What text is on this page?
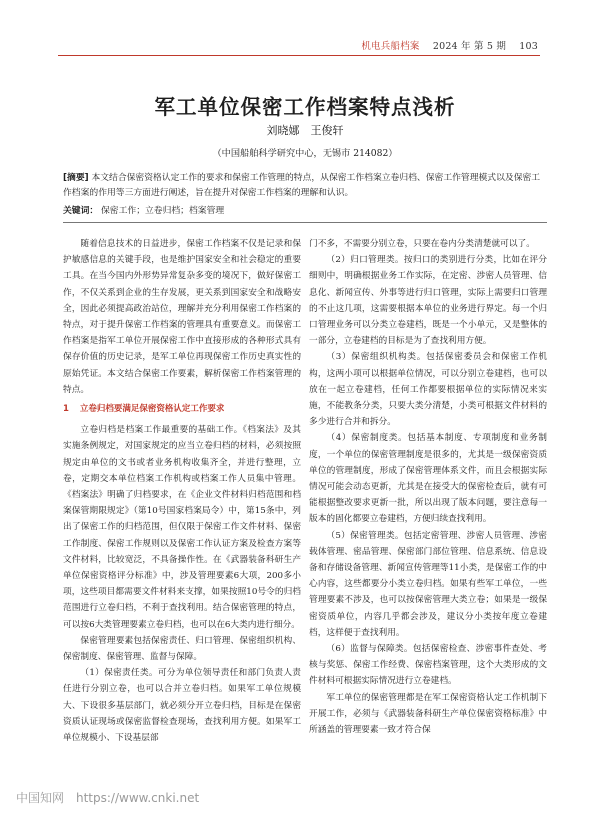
机电兵船档案 2024 年 第 5 期 103
军工单位保密工作档案特点浅析
刘晓娜　王俊轩
（中国船舶科学研究中心，无锡市 214082）
[摘要] 本文结合保密资格认定工作的要求和保密工作管理的特点，从保密工作档案立卷归档、保密工作管理模式以及保密工作档案的作用等三方面进行阐述，旨在提升对保密工作档案的理解和认识。
关键词： 保密工作；立卷归档；档案管理

随着信息技术的日益进步，保密工作档案不仅是记录和保护敏感信息的关键手段，也是维护国家安全和社会稳定的重要工具。在当今国内外形势异常复杂多变的境况下，做好保密工作，不仅关系到企业的生存发展，更关系到国家安全和战略安全，因此必须提高政治站位，理解并充分利用保密工作档案的特点，对于提升保密工作档案的管理具有重要意义。而保密工作档案是指军工单位开展保密工作中直接形成的各种形式具有保存价值的历史记录，是军工单位再现保密工作历史真实性的原始凭证。本文结合保密工作要素，解析保密工作档案管理的特点。

1 立卷归档要满足保密资格认定工作要求

立卷归档是档案工作最重要的基础工作。《档案法》及其实施条例规定，对国家规定的应当立卷归档的材料，必须按照规定由单位的文书或者业务机构收集齐全，并进行整理，立卷，定期交本单位档案工作机构或档案工作人员集中管理。《档案法》明确了归档要求，在《企业文件材料归档范围和档案保管期限规定》（第10号国家档案局令）中，第15条中，列出了保密工作的归档范围，但仅限于保密工作文件材料、保密工作制度、保密工作规则以及保密工作认证方案及检查方案等文件材料，比较宽泛，不具备操作性。在《武器装备科研生产单位保密资格评分标准》中，涉及管理要素6大项，200多小项，这些项目都需要文件材料来支撑，如果按照10号令的归档范围进行立卷归档，不利于查找利用。结合保密管理的特点，可以按6大类管理要素立卷归档，也可以在6大类内进行细分。

保密管理要素包括保密责任、归口管理、保密组织机构、保密制度、保密管理、监督与保障。

（1）保密责任类。可分为单位领导责任和部门负责人责任进行分别立卷，也可以合并立卷归档。如果军工单位规模大、下设很多基层部门，就必须分开立卷归档，目标是在保密资质认证现场或保密监督检查现场，查找利用方便。如果军工单位规模小、下设基层部

门不多，不需要分别立卷，只要在卷内分类清楚就可以了。

（2）归口管理类。按归口的类别进行分类，比如在评分细则中，明确根据业务工作实际，在定密、涉密人员管理、信息化、新闻宣传、外事等进行归口管理，实际上需要归口管理的不止这几项，这需要根据本单位的业务进行界定。每一个归口管理业务可以分类立卷建档，既是一个小单元，又是整体的一部分，立卷建档的目标是为了查找利用方便。

（3）保密组织机构类。包括保密委员会和保密工作机构，这两小项可以根据单位情况，可以分别立卷建档，也可以放在一起立卷建档，任何工作都要根据单位的实际情况来实施，不能教条分类，只要大类分清楚，小类可根据文件材料的多少进行合并和拆分。

（4）保密制度类。包括基本制度、专项制度和业务制度，一个单位的保密管理制度是很多的，尤其是一级保密资质单位的管理制度，形成了保密管理体系文件，而且会根据实际情况可能会动态更新，尤其是在接受大的保密检查后，就有可能根据整改要求更新一批，所以出现了版本问题，要注意每一版本的固化都要立卷建档，方便归续查找利用。

（5）保密管理类。包括定密管理、涉密人员管理、涉密载体管理、密品管理、保密部门部位管理、信息系统、信息设备和存储设备管理、新闻宣传管理等11小类，是保密工作的中心内容，这些都要分小类立卷归档。如果有些军工单位，一些管理要素不涉及，也可以按保密管理大类立卷；如果是一级保密资质单位，内容几乎都会涉及，建议分小类按年度立卷建档，这样便于查找利用。

（6）监督与保障类。包括保密检查、涉密事件查处、考核与奖惩、保密工作经费、保密档案管理，这个大类形成的文件材料可根据实际情况进行立卷建档。

军工单位的保密管理都是在军工保密资格认定工作机制下开展工作，必须与《武器装备科研生产单位保密资格标准》中所涵盖的管理要素一致才符合保

中国知网　https://www.cnki.net
